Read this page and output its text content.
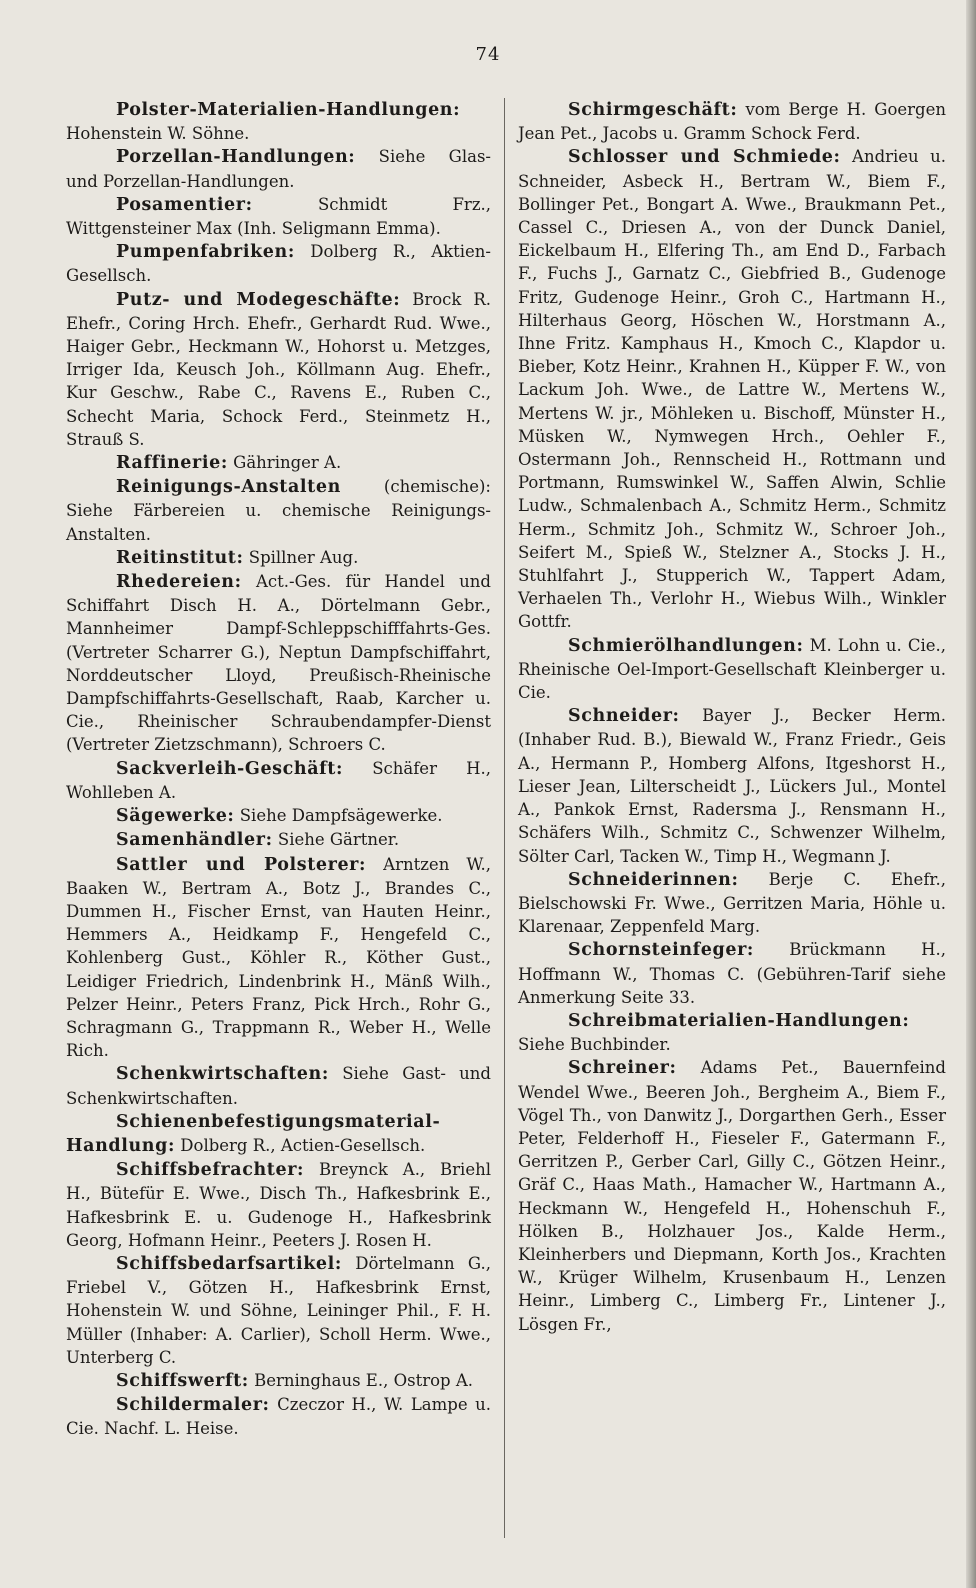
74

Polster-Materialien-Handlungen: Hohenstein W. Söhne.

Porzellan-Handlungen: Siehe Glas- und Porzellan-Handlungen.

Posamentier: Schmidt Frz., Wittgensteiner Max (Inh. Seligmann Emma).

Pumpenfabriken: Dolberg R., Aktien-Gesellsch.

Putz- und Modegeschäfte: Brock R. Ehefr., Coring Hrch. Ehefr., Gerhardt Rud. Wwe., Haiger Gebr., Heckmann W., Hohorst u. Metzges, Irriger Ida, Keusch Joh., Köllmann Aug. Ehefr., Kur Geschw., Rabe C., Ravens E., Ruben C., Schecht Maria, Schock Ferd., Steinmetz H., Strauß S.

Raffinerie: Gähringer A.

Reinigungs-Anstalten (chemische): Siehe Färbereien u. chemische Reinigungs-Anstalten.

Reitinstitut: Spillner Aug.

Rhedereien: Act.-Ges. für Handel und Schiffahrt Disch H. A., Dörtelmann Gebr., Mannheimer Dampf-Schleppschifffahrts-Ges. (Vertreter Scharrer G.), Neptun Dampfschiffahrt, Norddeutscher Lloyd, Preußisch-Rheinische Dampfschiffahrts-Gesellschaft, Raab, Karcher u. Cie., Rheinischer Schraubendampfer-Dienst (Vertreter Zietzschmann), Schroers C.

Sackverleih-Geschäft: Schäfer H., Wohlleben A.

Sägewerke: Siehe Dampfsägewerke.

Samenhändler: Siehe Gärtner.

Sattler und Polsterer: Arntzen W., Baaken W., Bertram A., Botz J., Brandes C., Dummen H., Fischer Ernst, van Hauten Heinr., Hemmers A., Heidkamp F., Hengefeld C., Kohlenberg Gust., Köhler R., Köther Gust., Leidiger Friedrich, Lindenbrink H., Mänß Wilh., Pelzer Heinr., Peters Franz, Pick Hrch., Rohr G., Schragmann G., Trappmann R., Weber H., Welle Rich.

Schenkwirtschaften: Siehe Gast- und Schenkwirtschaften.

Schienenbefestigungsmaterial-Handlung: Dolberg R., Actien-Gesellsch.

Schiffsbefrachter: Breynck A., Briehl H., Bütefür E. Wwe., Disch Th., Hafkesbrink E., Hafkesbrink E. u. Gudenoge H., Hafkesbrink Georg, Hofmann Heinr., Peeters J. Rosen H.

Schiffsbedarfsartikel: Dörtelmann G., Friebel V., Götzen H., Hafkesbrink Ernst, Hohenstein W. und Söhne, Leininger Phil., F. H. Müller (Inhaber: A. Carlier), Scholl Herm. Wwe., Unterberg C.

Schiffswerft: Berninghaus E., Ostrop A.

Schildermaler: Czeczor H., W. Lampe u. Cie. Nachf. L. Heise.

Schirmgeschäft: vom Berge H. Goergen Jean Pet., Jacobs u. Gramm Schock Ferd.

Schlosser und Schmiede: Andrieu u. Schneider, Asbeck H., Bertram W., Biem F., Bollinger Pet., Bongart A. Wwe., Braukmann Pet., Cassel C., Driesen A., von der Dunck Daniel, Eickelbaum H., Elfering Th., am End D., Farbach F., Fuchs J., Garnatz C., Giebfried B., Gudenoge Fritz, Gudenoge Heinr., Groh C., Hartmann H., Hilterhaus Georg, Höschen W., Horstmann A., Ihne Fritz. Kamphaus H., Kmoch C., Klapdor u. Bieber, Kotz Heinr., Krahnen H., Küpper F. W., von Lackum Joh. Wwe., de Lattre W., Mertens W., Mertens W. jr., Möhleken u. Bischoff, Münster H., Müsken W., Nymwegen Hrch., Oehler F., Ostermann Joh., Rennscheid H., Rottmann und Portmann, Rumswinkel W., Saffen Alwin, Schlie Ludw., Schmalenbach A., Schmitz Herm., Schmitz Herm., Schmitz Joh., Schmitz W., Schroer Joh., Seifert M., Spieß W., Stelzner A., Stocks J. H., Stuhlfahrt J., Stupperich W., Tappert Adam, Verhaelen Th., Verlohr H., Wiebus Wilh., Winkler Gottfr.

Schmierölhandlungen: M. Lohn u. Cie., Rheinische Oel-Import-Gesellschaft Kleinberger u. Cie.

Schneider: Bayer J., Becker Herm. (Inhaber Rud. B.), Biewald W., Franz Friedr., Geis A., Hermann P., Homberg Alfons, Itgeshorst H., Lieser Jean, Lilterscheidt J., Lückers Jul., Montel A., Pankok Ernst, Radersma J., Rensmann H., Schäfers Wilh., Schmitz C., Schwenzer Wilhelm, Sölter Carl, Tacken W., Timp H., Wegmann J.

Schneiderinnen: Berje C. Ehefr., Bielschowski Fr. Wwe., Gerritzen Maria, Höhle u. Klarenaar, Zeppenfeld Marg.

Schornsteinfeger: Brückmann H., Hoffmann W., Thomas C. (Gebühren-Tarif siehe Anmerkung Seite 33.

Schreibmaterialien-Handlungen: Siehe Buchbinder.

Schreiner: Adams Pet., Bauernfeind Wendel Wwe., Beeren Joh., Bergheim A., Biem F., Vögel Th., von Danwitz J., Dorgarthen Gerh., Esser Peter, Felderhoff H., Fieseler F., Gatermann F., Gerritzen P., Gerber Carl, Gilly C., Götzen Heinr., Gräf C., Haas Math., Hamacher W., Hartmann A., Heckmann W., Hengefeld H., Hohenschuh F., Hölken B., Holzhauer Jos., Kalde Herm., Kleinherbers und Diepmann, Korth Jos., Krachten W., Krüger Wilhelm, Krusenbaum H., Lenzen Heinr., Limberg C., Limberg Fr., Lintener J., Lösgen Fr.,
